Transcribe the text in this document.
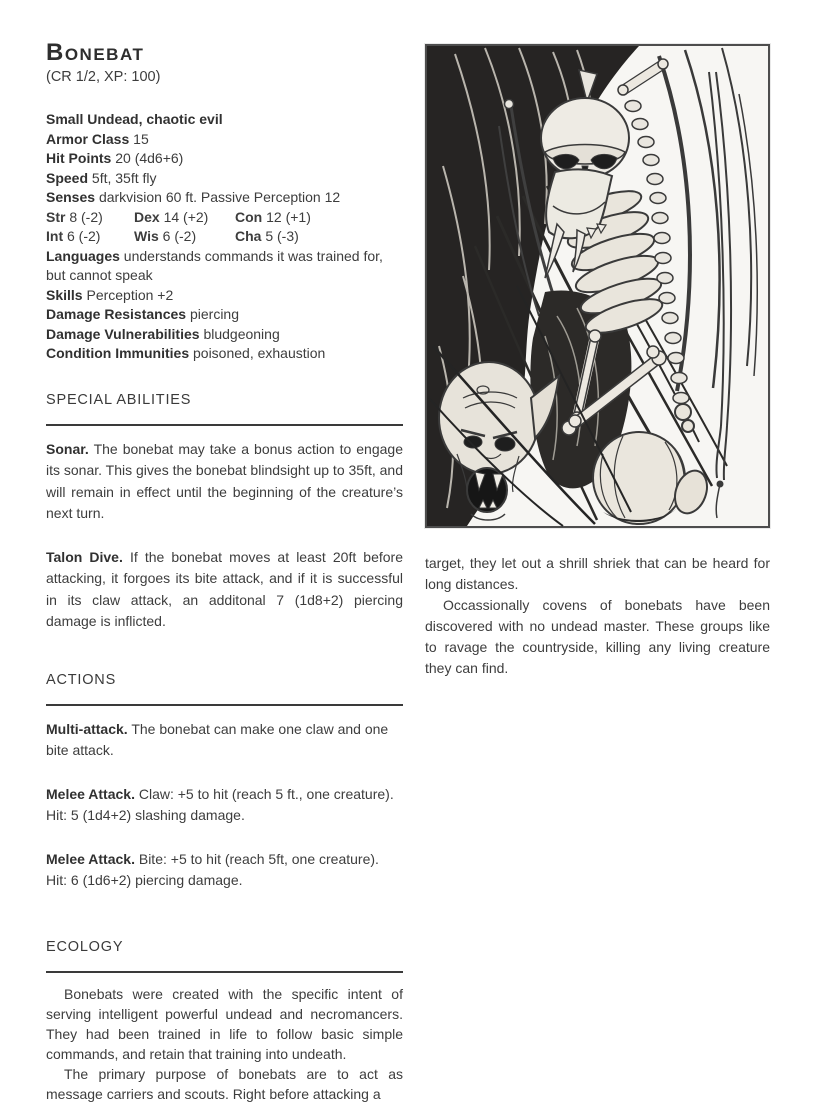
Bonebat
(CR 1/2, XP: 100)
Small Undead, chaotic evil
Armor Class 15
Hit Points 20 (4d6+6)
Speed 5ft, 35ft fly
Senses darkvision 60 ft. Passive Perception 12
Str 8 (-2)	Dex 14 (+2)	Con 12 (+1)
Int 6 (-2)	Wis 6 (-2)	Cha 5 (-3)
Languages understands commands it was trained for, but cannot speak
Skills Perception +2
Damage Resistances piercing
Damage Vulnerabilities bludgeoning
Condition Immunities poisoned, exhaustion
SPECIAL ABILITIES

Sonar. The bonebat may take a bonus action to engage its sonar. This gives the bonebat blindsight up to 35ft, and will remain in effect until the beginning of the creature’s next turn.

Talon Dive. If the bonebat moves at least 20ft before attacking, it forgoes its bite attack, and if it is successful in its claw attack, an additonal 7 (1d8+2) piercing damage is inflicted.

ACTIONS

Multi-attack. The bonebat can make one claw and one bite attack.

Melee Attack. Claw: +5 to hit (reach 5 ft., one creature). Hit: 5 (1d4+2) slashing damage.

Melee Attack. Bite: +5 to hit (reach 5ft, one creature). Hit: 6 (1d6+2) piercing damage.

ECOLOGY

Bonebats were created with the specific intent of serving intelligent powerful undead and necromancers. They had been trained in life to follow basic simple commands, and retain that training into undeath.

The primary purpose of bonebats are to act as message carriers and scouts. Right before attacking a

target, they let out a shrill shriek that can be heard for long distances.

Occassionally covens of bonebats have been discovered with no undead master. These groups like to ravage the countryside, killing any living creature they can find.
